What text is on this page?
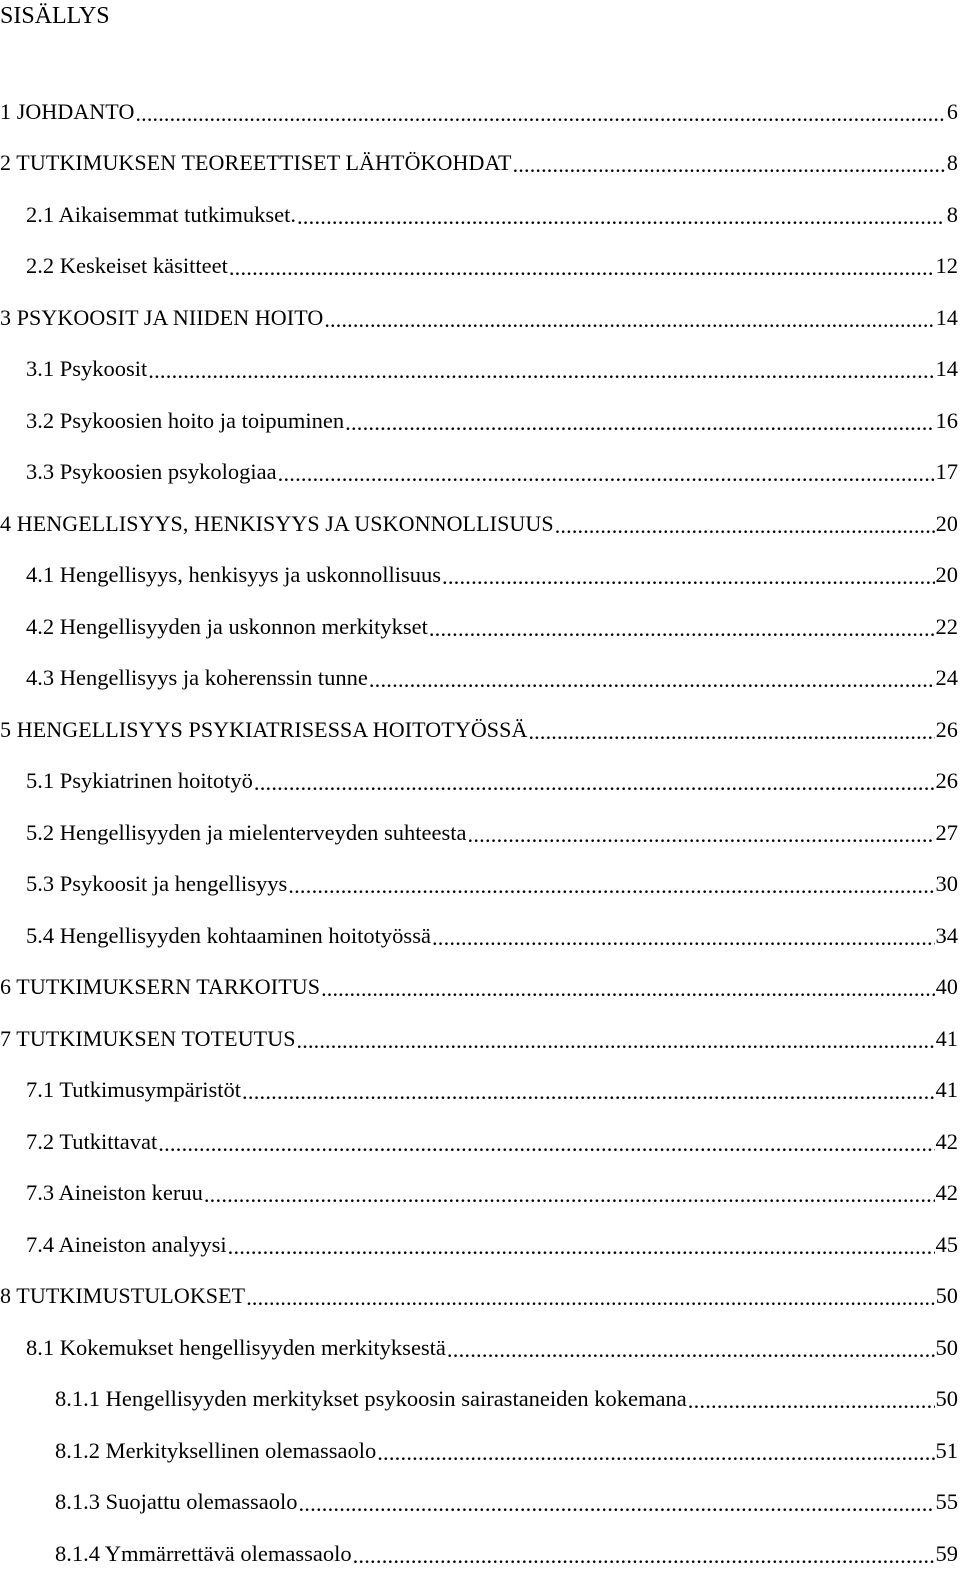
SISÄLLYS
1 JOHDANTO .....	6
2 TUTKIMUKSEN TEOREETTISET LÄHTÖKOHDAT .....	8
2.1 Aikaisemmat tutkimukset. .....	8
2.2 Keskeiset käsitteet .....	12
3 PSYKOOSIT JA NIIDEN HOITO .....	14
3.1 Psykoosit .....	14
3.2 Psykoosien hoito ja toipuminen .....	16
3.3 Psykoosien psykologiaa .....	17
4 HENGELLISYYS, HENKISYYS JA USKONNOLLISUUS .....	20
4.1 Hengellisyys, henkisyys ja uskonnollisuus .....	20
4.2 Hengellisyyden ja uskonnon merkitykset .....	22
4.3 Hengellisyys ja koherenssin tunne .....	24
5 HENGELLISYYS PSYKIATRISESSA HOITOTYÖSSÄ .....	26
5.1 Psykiatrinen hoitotyö .....	26
5.2 Hengellisyyden ja mielenterveyden suhteesta .....	27
5.3 Psykoosit ja hengellisyys .....	30
5.4 Hengellisyyden kohtaaminen hoitotyössä .....	34
6 TUTKIMUKSERN TARKOITUS .....	40
7 TUTKIMUKSEN TOTEUTUS .....	41
7.1 Tutkimusympäristöt .....	41
7.2 Tutkittavat .....	42
7.3 Aineiston keruu .....	42
7.4 Aineiston analyysi .....	45
8 TUTKIMUSTULOKSET .....	50
8.1 Kokemukset hengellisyyden merkityksestä .....	50
8.1.1 Hengellisyyden merkitykset psykoosin sairastaneiden kokemana .....	50
8.1.2 Merkityksellinen olemassaolo .....	51
8.1.3 Suojattu olemassaolo .....	55
8.1.4 Ymmärrettävä olemassaolo .....	59
